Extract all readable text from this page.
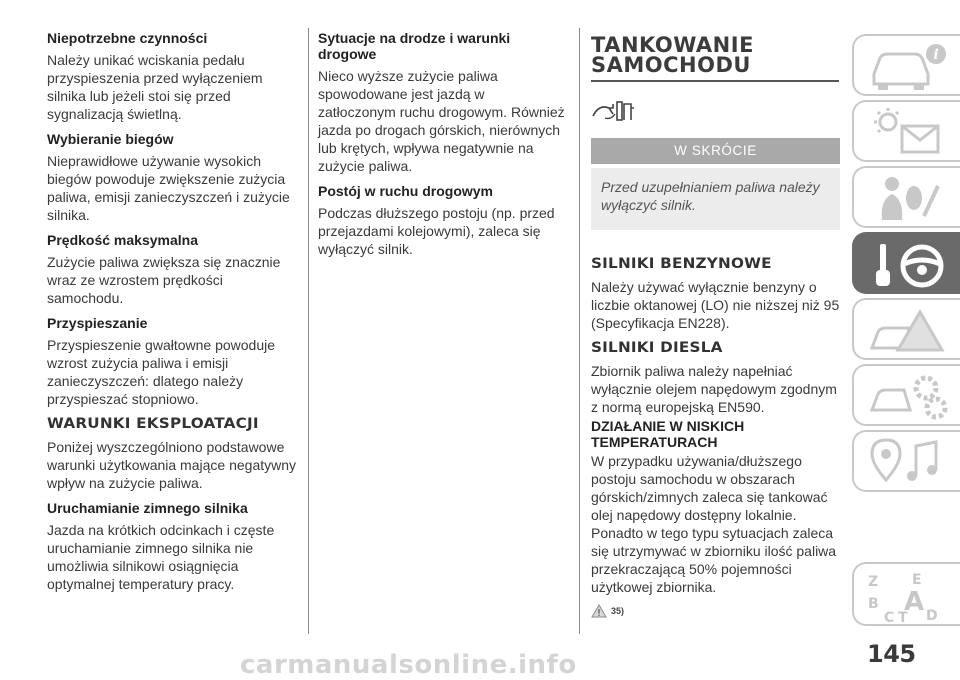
Niepotrzebne czynności
Należy unikać wciskania pedału przyspieszenia przed wyłączeniem silnika lub jeżeli stoi się przed sygnalizacją świetlną.
Wybieranie biegów
Nieprawidłowe używanie wysokich biegów powoduje zwiększenie zużycia paliwa, emisji zanieczyszczeń i zużycie silnika.
Prędkość maksymalna
Zużycie paliwa zwiększa się znacznie wraz ze wzrostem prędkości samochodu.
Przyspieszanie
Przyspieszenie gwałtowne powoduje wzrost zużycia paliwa i emisji zanieczyszczeń: dlatego należy przyspieszać stopniowo.
WARUNKI EKSPLOATACJI
Poniżej wyszczególniono podstawowe warunki użytkowania mające negatywny wpływ na zużycie paliwa.
Uruchamianie zimnego silnika
Jazda na krótkich odcinkach i częste uruchamianie zimnego silnika nie umożliwia silnikowi osiągnięcia optymalnej temperatury pracy.
Sytuacje na drodze i warunki drogowe
Nieco wyższe zużycie paliwa spowodowane jest jazdą w zatłoczonym ruchu drogowym. Również jazda po drogach górskich, nierównych lub krętych, wpływa negatywnie na zużycie paliwa.
Postój w ruchu drogowym
Podczas dłuższego postoju (np. przed przejazdami kolejowymi), zaleca się wyłączyć silnik.
TANKOWANIE
SAMOCHODU
W SKRÓCIE
Przed uzupełnianiem paliwa należy wyłączyć silnik.
SILNIKI BENZYNOWE
Należy używać wyłącznie benzyny o liczbie oktanowej (LO) nie niższej niż 95 (Specyfikacja EN228).
SILNIKI DIESLA
Zbiornik paliwa należy napełniać wyłącznie olejem napędowym zgodnym z normą europejską EN590.
DZIAŁANIE W NISKICH TEMPERATURACH
W przypadku używania/dłuższego postoju samochodu w obszarach górskich/zimnych zaleca się tankować olej napędowy dostępny lokalnie. Ponadto w tego typu sytuacjach zaleca się utrzymywać w zbiorniku ilość paliwa przekraczającą 50% pojemności użytkowej zbiornika.
35)
i
Z E
B A
C T D
145
carmanualsonline.info
